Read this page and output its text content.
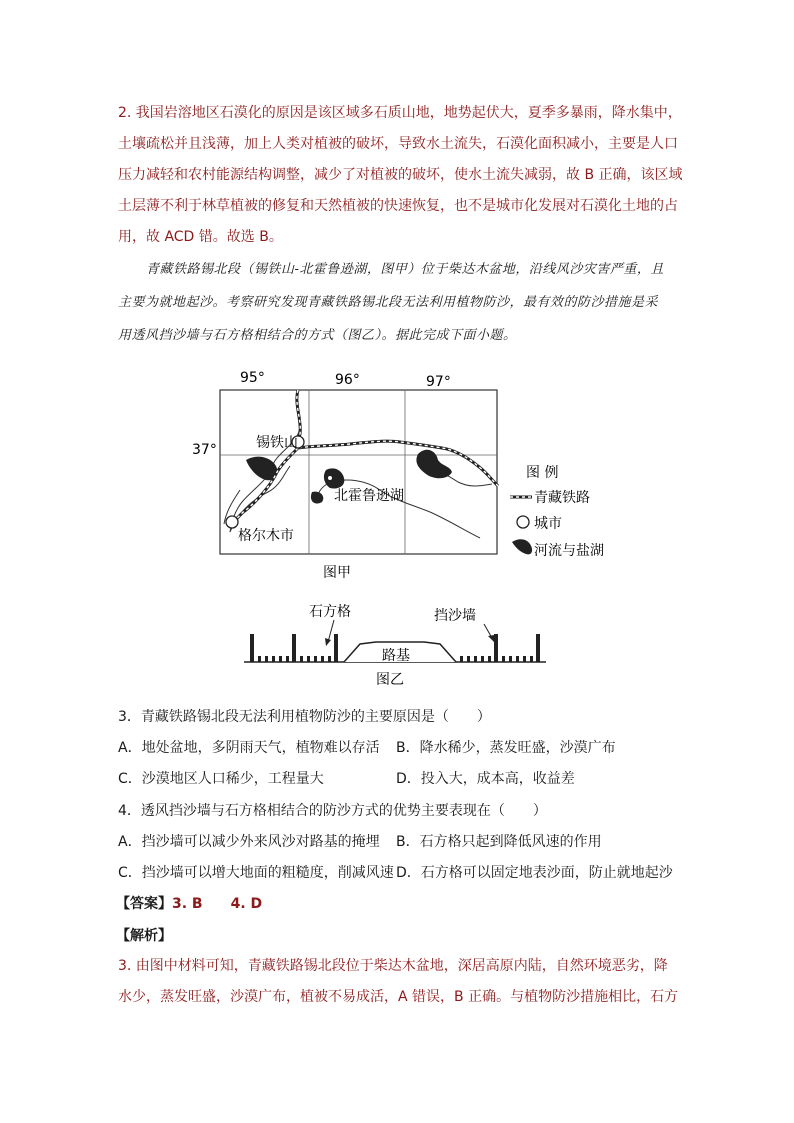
2. 我国岩溶地区石漠化的原因是该区域多石质山地，地势起伏大，夏季多暴雨，降水集中，
土壤疏松并且浅薄，加上人类对植被的破坏，导致水土流失，石漠化面积减小，主要是人口
压力减轻和农村能源结构调整，减少了对植被的破坏，使水土流失减弱，故 B 正确，该区域
土层薄不利于林草植被的修复和天然植被的快速恢复，也不是城市化发展对石漠化土地的占
用，故 ACD 错。故选 B。
青藏铁路锡北段（锡铁山-北霍鲁逊湖，图甲）位于柴达木盆地，沿线风沙灾害严重，且
主要为就地起沙。考察研究发现青藏铁路锡北段无法利用植物防沙，最有效的防沙措施是采
用透风挡沙墙与石方格相结合的方式（图乙）。据此完成下面小题。
95°	96°	97°
37°	锡铁山
北霍鲁逊湖
格尔木市
图 例
青藏铁路
城市
河流与盐湖
图甲
石方格	挡沙墙
路基
图乙
3．青藏铁路锡北段无法利用植物防沙的主要原因是（　　）
A．地处盆地，多阴雨天气，植物难以存活 B．降水稀少，蒸发旺盛，沙漠广布
C．沙漠地区人口稀少，工程量大	D．投入大，成本高，收益差
4．透风挡沙墙与石方格相结合的防沙方式的优势主要表现在（　　）
A．挡沙墙可以减少外来风沙对路基的掩埋 B．石方格只起到降低风速的作用
C．挡沙墙可以增大地面的粗糙度，削减风速 D．石方格可以固定地表沙面，防止就地起沙
【答案】3. B　　4. D
【解析】
3. 由图中材料可知，青藏铁路锡北段位于柴达木盆地，深居高原内陆，自然环境恶劣，降
水少，蒸发旺盛，沙漠广布，植被不易成活，A 错误，B 正确。与植物防沙措施相比，石方
